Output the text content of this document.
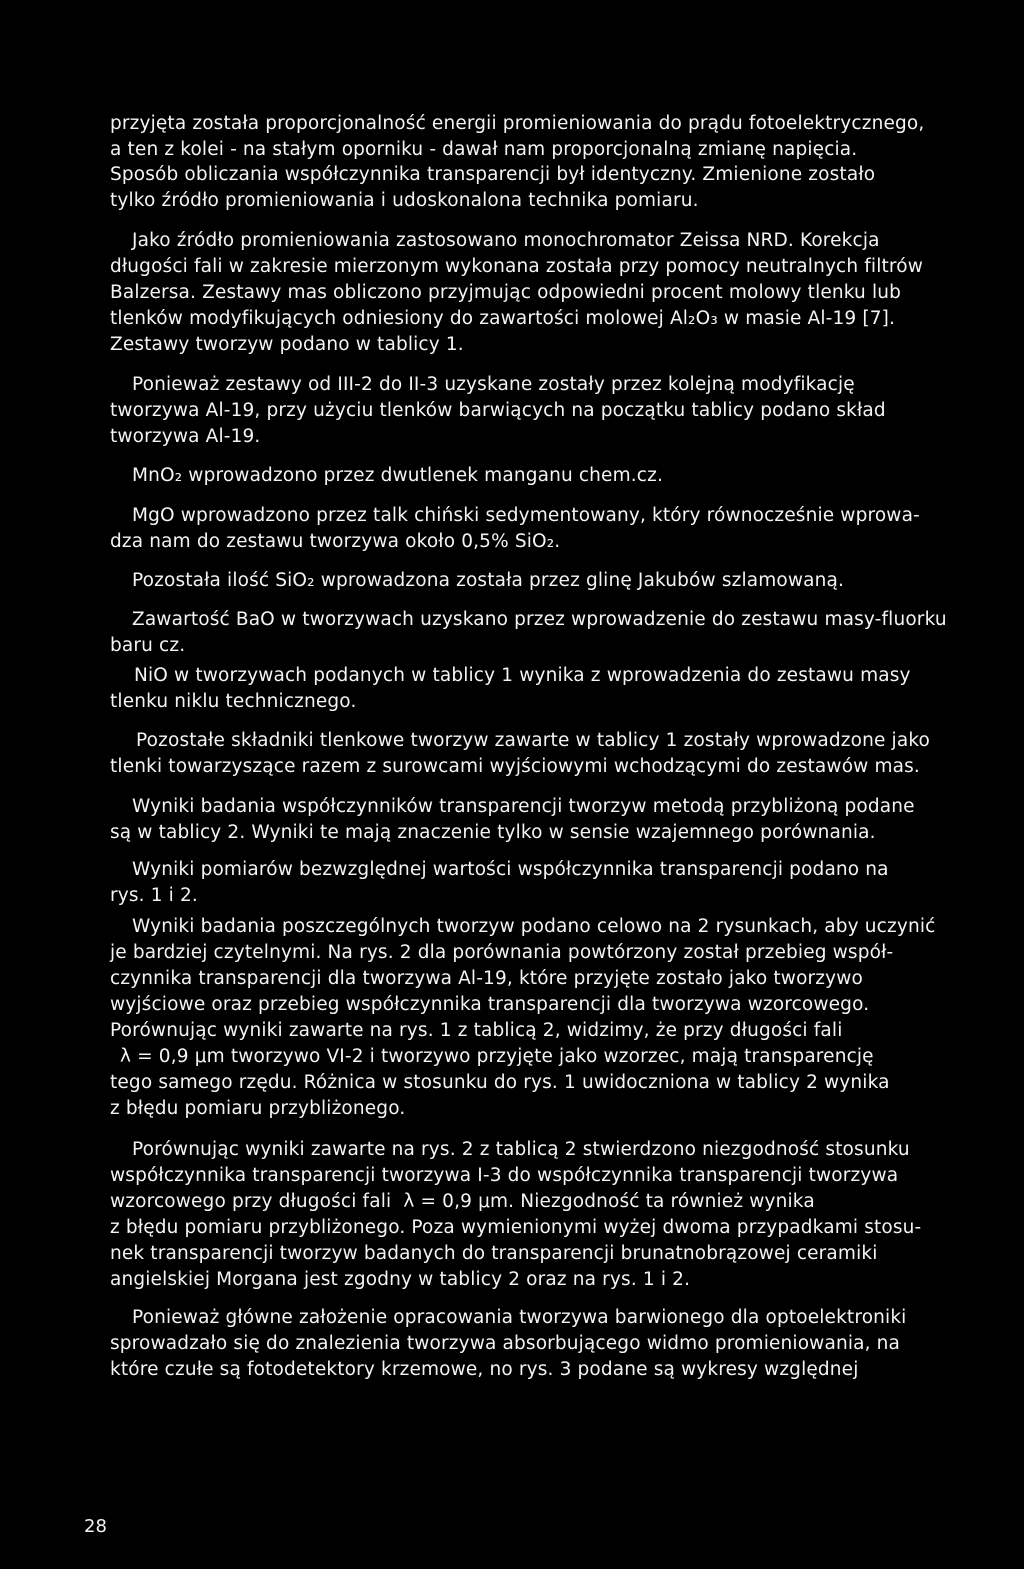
przyjęta została proporcjonalność energii promieniowania do prądu fotoelektrycznego,
a ten z kolei - na stałym oporniku - dawał nam proporcjonalną zmianę napięcia.
Sposób obliczania współczynnika transparencji był identyczny. Zmienione zostało
tylko źródło promieniowania i udoskonalona technika pomiaru.
Jako źródło promieniowania zastosowano monochromator Zeissa NRD. Korekcja
długości fali w zakresie mierzonym wykonana została przy pomocy neutralnych filtrów
Balzersa. Zestawy mas obliczono przyjmując odpowiedni procent molowy tlenku lub
tlenków modyfikujących odniesiony do zawartości molowej Al₂O₃ w masie Al-19 [7].
Zestawy tworzyw podano w tablicy 1.
Ponieważ zestawy od III-2 do II-3 uzyskane zostały przez kolejną modyfikację
tworzywa Al-19, przy użyciu tlenków barwiących na początku tablicy podano skład
tworzywa Al-19.
MnO₂ wprowadzono przez dwutlenek manganu chem.cz.
MgO wprowadzono przez talk chiński sedymentowany, który równocześnie wprowa-
dza nam do zestawu tworzywa około 0,5% SiO₂.
Pozostała ilość SiO₂ wprowadzona została przez glinę Jakubów szlamowaną.
Zawartość BaO w tworzywach uzyskano przez wprowadzenie do zestawu masy-fluorku
baru cz.
NiO w tworzywach podanych w tablicy 1 wynika z wprowadzenia do zestawu masy
tlenku niklu technicznego.
Pozostałe składniki tlenkowe tworzyw zawarte w tablicy 1 zostały wprowadzone jako
tlenki towarzyszące razem z surowcami wyjściowymi wchodzącymi do zestawów mas.
Wyniki badania współczynników transparencji tworzyw metodą przybliżoną podane
są w tablicy 2. Wyniki te mają znaczenie tylko w sensie wzajemnego porównania.
Wyniki pomiarów bezwzględnej wartości współczynnika transparencji podano na
rys. 1 i 2.
Wyniki badania poszczególnych tworzyw podano celowo na 2 rysunkach, aby uczynić
je bardziej czytelnymi. Na rys. 2 dla porównania powtórzony został przebieg współ-
czynnika transparencji dla tworzywa Al-19, które przyjęte zostało jako tworzywo
wyjściowe oraz przebieg współczynnika transparencji dla tworzywa wzorcowego.
Porównując wyniki zawarte na rys. 1 z tablicą 2, widzimy, że przy długości fali
λ = 0,9 μm tworzywo VI-2 i tworzywo przyjęte jako wzorzec, mają transparencję
tego samego rzędu. Różnica w stosunku do rys. 1 uwidoczniona w tablicy 2 wynika
z błędu pomiaru przybliżonego.
Porównując wyniki zawarte na rys. 2 z tablicą 2 stwierdzono niezgodność stosunku
współczynnika transparencji tworzywa I-3 do współczynnika transparencji tworzywa
wzorcowego przy długości fali  λ = 0,9 μm. Niezgodność ta również wynika
z błędu pomiaru przybliżonego. Poza wymienionymi wyżej dwoma przypadkami stosu-
nek transparencji tworzyw badanych do transparencji brunatnobrązowej ceramiki
angielskiej Morgana jest zgodny w tablicy 2 oraz na rys. 1 i 2.
Ponieważ główne założenie opracowania tworzywa barwionego dla optoelektroniki
sprowadzało się do znalezienia tworzywa absorbującego widmo promieniowania, na
które czułe są fotodetektory krzemowe, no rys. 3 podane są wykresy względnej
28
